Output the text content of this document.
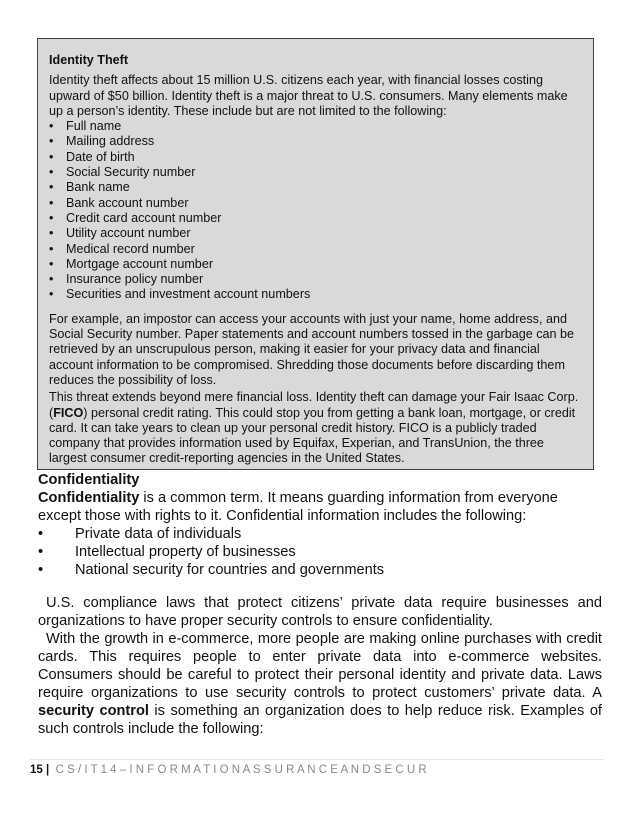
Identity Theft

Identity theft affects about 15 million U.S. citizens each year, with financial losses costing upward of $50 billion. Identity theft is a major threat to U.S. consumers. Many elements make up a person’s identity. These include but are not limited to the following:

• Full name
• Mailing address
• Date of birth
• Social Security number
• Bank name
• Bank account number
• Credit card account number
• Utility account number
• Medical record number
• Mortgage account number
• Insurance policy number
• Securities and investment account numbers

For example, an impostor can access your accounts with just your name, home address, and Social Security number. Paper statements and account numbers tossed in the garbage can be retrieved by an unscrupulous person, making it easier for your privacy data and financial account information to be compromised. Shredding those documents before discarding them reduces the possibility of loss.

This threat extends beyond mere financial loss. Identity theft can damage your Fair Isaac Corp. (FICO) personal credit rating. This could stop you from getting a bank loan, mortgage, or credit card. It can take years to clean up your personal credit history. FICO is a publicly traded company that provides information used by Equifax, Experian, and TransUnion, the three largest consumer credit-reporting agencies in the United States.

Confidentiality

Confidentiality is a common term. It means guarding information from everyone except those with rights to it. Confidential information includes the following:

• Private data of individuals
• Intellectual property of businesses
• National security for countries and governments

U.S. compliance laws that protect citizens’ private data require businesses and organizations to have proper security controls to ensure confidentiality.

With the growth in e-commerce, more people are making online purchases with credit cards. This requires people to enter private data into e-commerce websites. Consumers should be careful to protect their personal identity and private data. Laws require organizations to use security controls to protect customers’ private data. A security control is something an organization does to help reduce risk. Examples of such controls include the following:

15 | C S / I T 1 4 – I N F O R M A T I O N A S S U R A N C E A N D S E C U R
